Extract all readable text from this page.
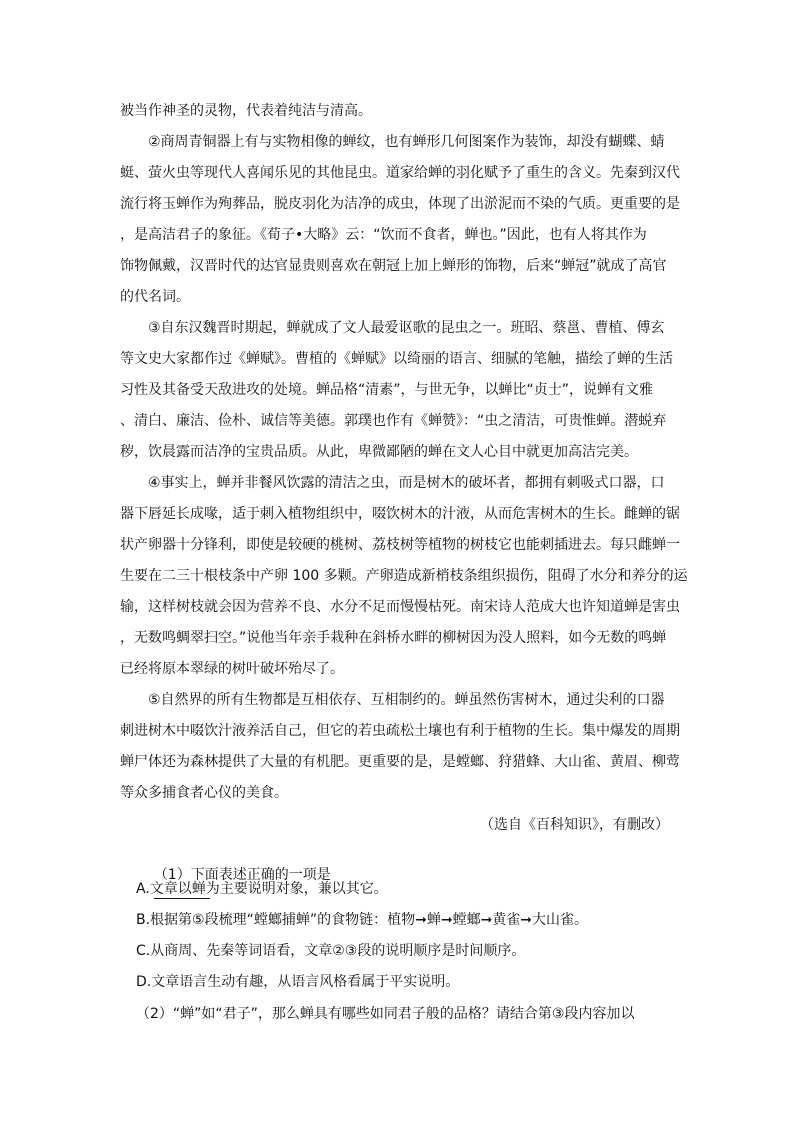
被当作神圣的灵物，代表着纯洁与清高。
②商周青铜器上有与实物相像的蝉纹，也有蝉形几何图案作为装饰，却没有蝴蝶、蜻
蜓、萤火虫等现代人喜闻乐见的其他昆虫。道家给蝉的羽化赋予了重生的含义。先秦到汉代
流行将玉蝉作为殉葬品，脱皮羽化为洁净的成虫，体现了出淤泥而不染的气质。更重要的是
，是高洁君子的象征。《荀子•大略》云：“饮而不食者，蝉也。”因此，也有人将其作为
饰物佩戴，汉晋时代的达官显贵则喜欢在朝冠上加上蝉形的饰物，后来“蝉冠”就成了高官
的代名词。
③自东汉魏晋时期起，蝉就成了文人最爱讴歌的昆虫之一。班昭、蔡邕、曹植、傅玄
等文史大家都作过《蝉赋》。曹植的《蝉赋》以绮丽的语言、细腻的笔触，描绘了蝉的生活
习性及其备受天敌进攻的处境。蝉品格“清素”，与世无争，以蝉比“贞士”，说蝉有文雅
、清白、廉洁、俭朴、诚信等美德。郭璞也作有《蝉赞》：“虫之清洁，可贵惟蝉。潜蜕弃
秽，饮晨露而洁净的宝贵品质。从此，卑微鄙陋的蝉在文人心目中就更加高洁完美。
④事实上，蝉并非餐风饮露的清洁之虫，而是树木的破坏者，都拥有刺吸式口器，口
器下唇延长成喙，适于刺入植物组织中，啜饮树木的汁液，从而危害树木的生长。雌蝉的锯
状产卵器十分锋利，即使是较硬的桃树、荔枝树等植物的树枝它也能刺插进去。每只雌蝉一
生要在二三十根枝条中产卵 100 多颗。产卵造成新梢枝条组织损伤，阻碍了水分和养分的运
输，这样树枝就会因为营养不良、水分不足而慢慢枯死。南宋诗人范成大也许知道蝉是害虫
，无数鸣蜩翠扫空。”说他当年亲手栽种在斜桥水畔的柳树因为没人照料，如今无数的鸣蝉
已经将原本翠绿的树叶破坏殆尽了。
⑤自然界的所有生物都是互相依存、互相制约的。蝉虽然伤害树木，通过尖利的口器
刺进树木中啜饮汁液养活自己，但它的若虫疏松土壤也有利于植物的生长。集中爆发的周期
蝉尸体还为森林提供了大量的有机肥。更重要的是，是螳螂、狩猎蜂、大山雀、黄眉、柳莺
等众多捕食者心仪的美食。
（选自《百科知识》，有删改）

（1）下面表述正确的一项是

A.文章以蝉为主要说明对象，兼以其它。
B.根据第⑤段梳理“螳螂捕蝉”的食物链：植物➞蝉➞螳螂➞黄雀➞大山雀。
C.从商周、先秦等词语看，文章②③段的说明顺序是时间顺序。
D.文章语言生动有趣，从语言风格看属于平实说明。
（2）“蝉”如“君子”，那么蝉具有哪些如同君子般的品格？请结合第③段内容加以
